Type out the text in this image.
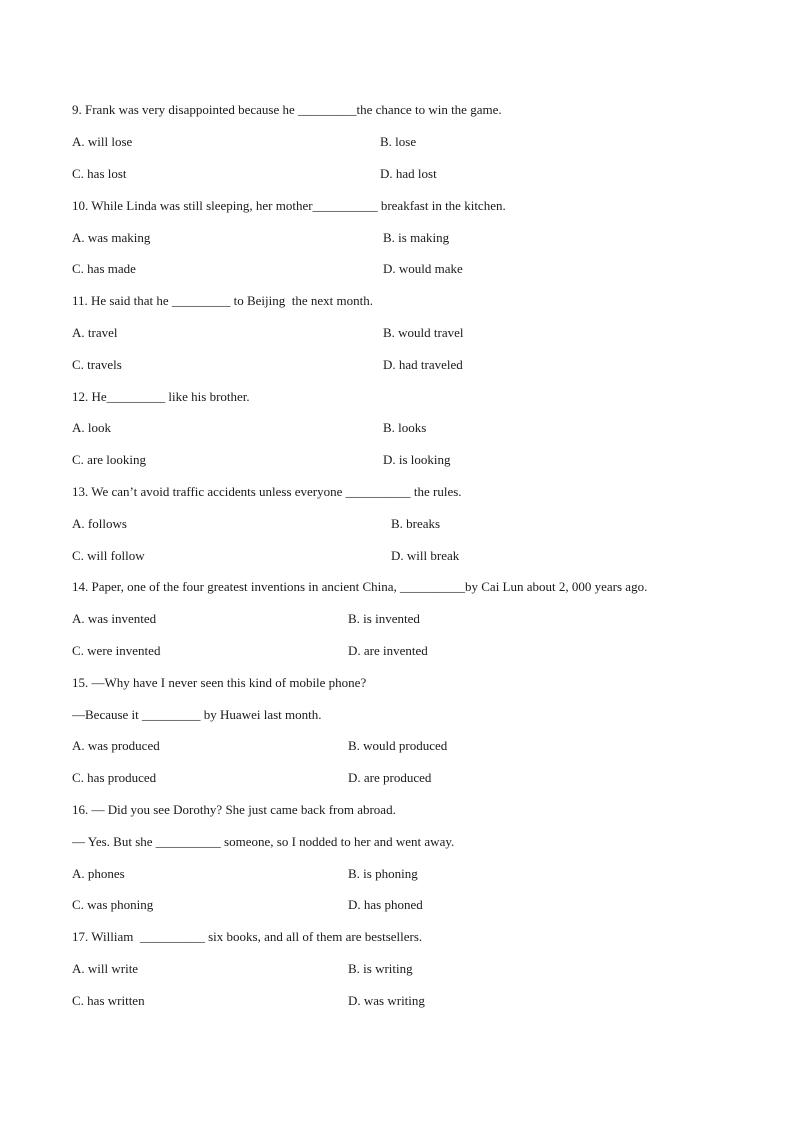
9. Frank was very disappointed because he _________the chance to win the game.
A. will lose	B. lose
C. has lost	D. had lost
10. While Linda was still sleeping, her mother__________ breakfast in the kitchen.
A. was making	B. is making
C. has made	D. would make
11. He said that he _________ to Beijing  the next month.
A. travel	B. would travel
C. travels	D. had traveled
12. He_________ like his brother.
A. look	B. looks
C. are looking	D. is looking
13. We can’t avoid traffic accidents unless everyone __________ the rules.
A. follows	B. breaks
C. will follow	D. will break
14. Paper, one of the four greatest inventions in ancient China, __________by Cai Lun about 2, 000 years ago.
A. was invented	B. is invented
C. were invented	D. are invented
15. —Why have I never seen this kind of mobile phone?
—Because it _________ by Huawei last month.
A. was produced	B. would produced
C. has produced	D. are produced
16. — Did you see Dorothy? She just came back from abroad.
— Yes. But she __________ someone, so I nodded to her and went away.
A. phones	B. is phoning
C. was phoning	D. has phoned
17. William  __________ six books, and all of them are bestsellers.
A. will write	B. is writing
C. has written	D. was writing
